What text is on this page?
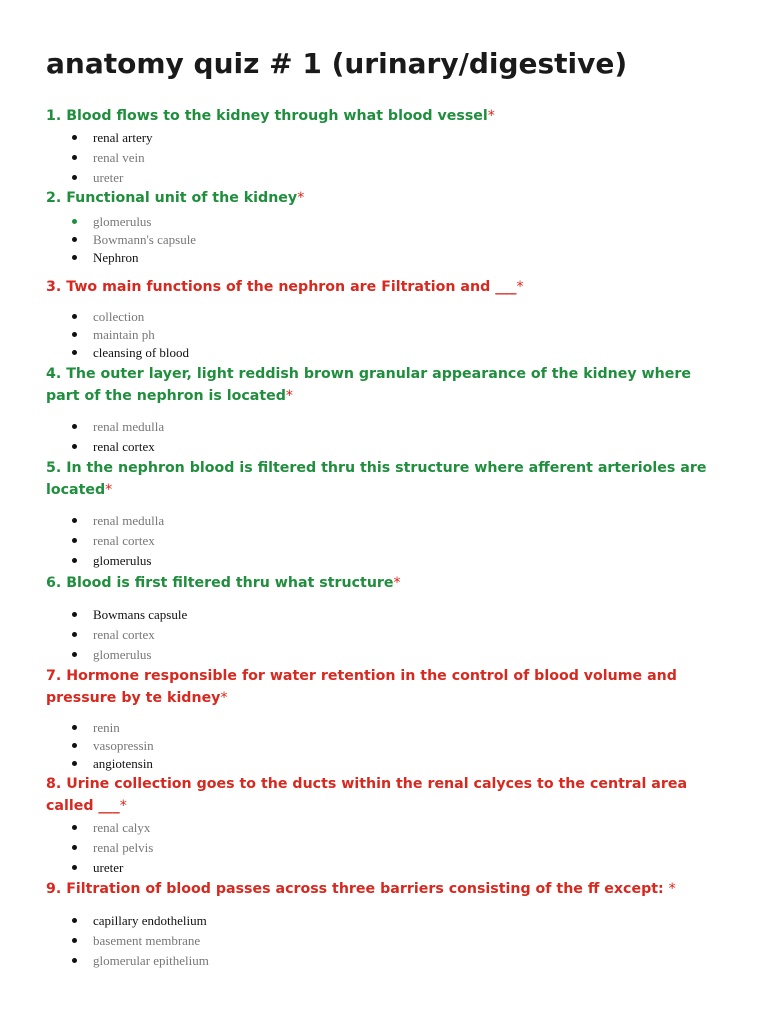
anatomy quiz # 1 (urinary/digestive)
1. Blood flows to the kidney through what blood vessel*
renal artery
renal vein
ureter
2. Functional unit of the kidney*
glomerulus
Bowmann's capsule
Nephron
3. Two main functions of the nephron are Filtration and ___*
collection
maintain ph
cleansing of blood
4. The outer layer, light reddish brown granular appearance of the kidney where part of the nephron is located*
renal medulla
renal cortex
5. In the nephron blood is filtered thru this structure where afferent arterioles are located*
renal medulla
renal cortex
glomerulus
6. Blood is first filtered thru what structure*
Bowmans capsule
renal cortex
glomerulus
7. Hormone responsible for water retention in the control of blood volume and pressure by te kidney*
renin
vasopressin
angiotensin
8. Urine collection goes to the ducts within the renal calyces to the central area called ___*
renal calyx
renal pelvis
ureter
9. Filtration of blood passes across three barriers consisting of the ff except: *
capillary endothelium
basement membrane
glomerular epithelium
